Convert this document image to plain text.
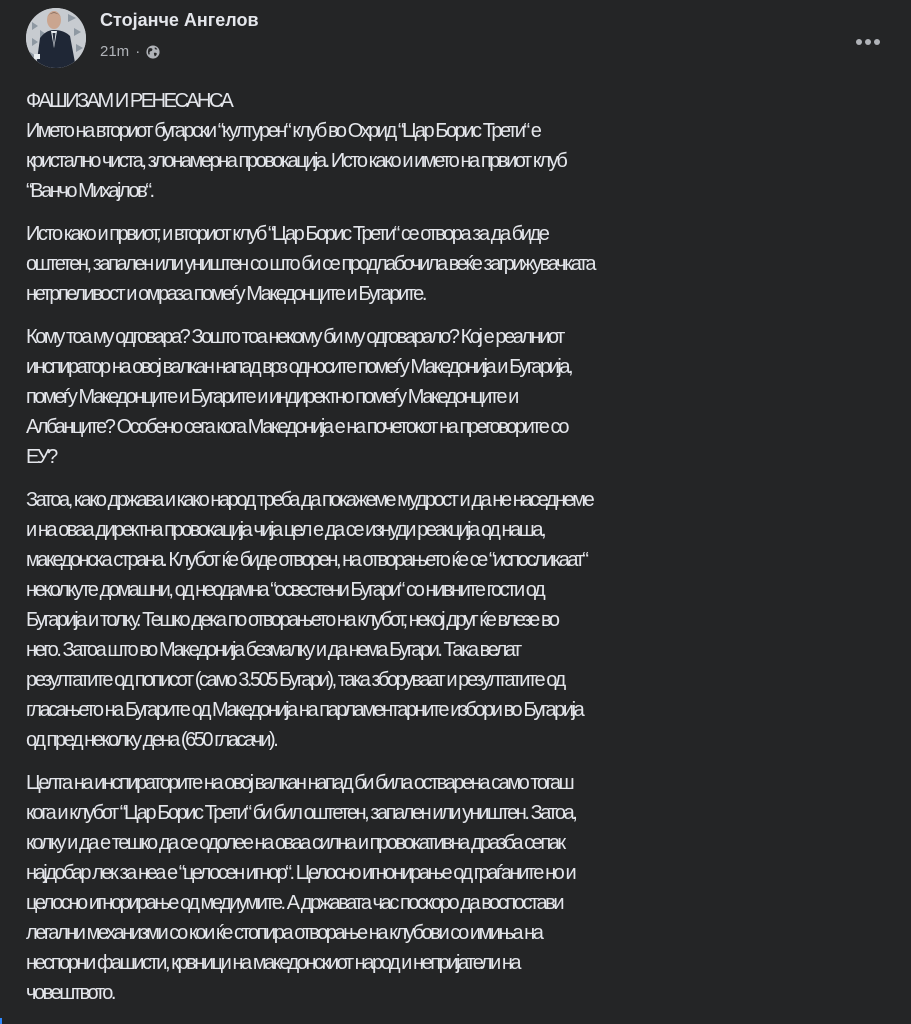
Стојанче Ангелов
21m ·

ФАШИЗАМ И РЕНЕСАНСА
Името на вториот бугарски “културен“ клуб во Охрид “Цар Борис Трети“ е
кристално чиста, злонамерна провокација. Исто како и името на првиот клуб
“Ванчо Михајлов“.

Исто како и првиот, и вториот клуб “Цар Борис Трети“ се отвора за да биде
оштетен, запален или уништен со што би се продлабочила веќе загрижувачката
нетрпеливост и омраза помеѓу Македонците и Бугарите.

Кому тоа му одговара? Зошто тоа некому би му одговарало? Кој е реалниот
инспиратор на овој валкан напад врз односите помеѓу Македонија и Бугарија,
помеѓу Македонците и Бугарите и индиректно помеѓу Македонците и
Албанците? Особено сега кога Македонија е на почетокот на преговорите со
ЕУ?

Затоа, како држава и како народ треба да покажеме мудрост и да не наседнеме
и на оваа директна провокација чија цел е да се изнуди реакција од наша,
македонска страна. Клубот ќе биде отворен, на отворањето ќе се “испосликаат“
неколкуте домашни, од неодамна “освестени Бугари“ со нивните гости од
Бугарија и толку. Тешко дека по отворањето на клубот, некој друг ќе влезе во
него. Затоа што во Македонија безмалку и да нема Бугари. Така велат
резултатите од пописот (само 3.505 Бугари), така зборуваат и резултатите од
гласањето на Бугарите од Македонија на парламентарните избори во Бугарија
од пред неколку дена (650 гласачи).

Целта на инспираторите на овој валкан напад би била остварена само тогаш
кога и клубот “Цар Борис Трети“ би бил оштетен, запален или уништен. Затоа,
колку и да е тешко да се одолее на оваа силна и провокативна дразба сепак
најдобар лек за неа е “целосен игнор“. Целосно игнонирање од граѓаните но и
целосно игнорирање од медиумите. А државата час поскоро да воспостави
легални механизми со кои ќе стопира отворање на клубови со имиња на
неспорни фашисти, крвници на македонскиот народ и непријатели на
човештвото.
